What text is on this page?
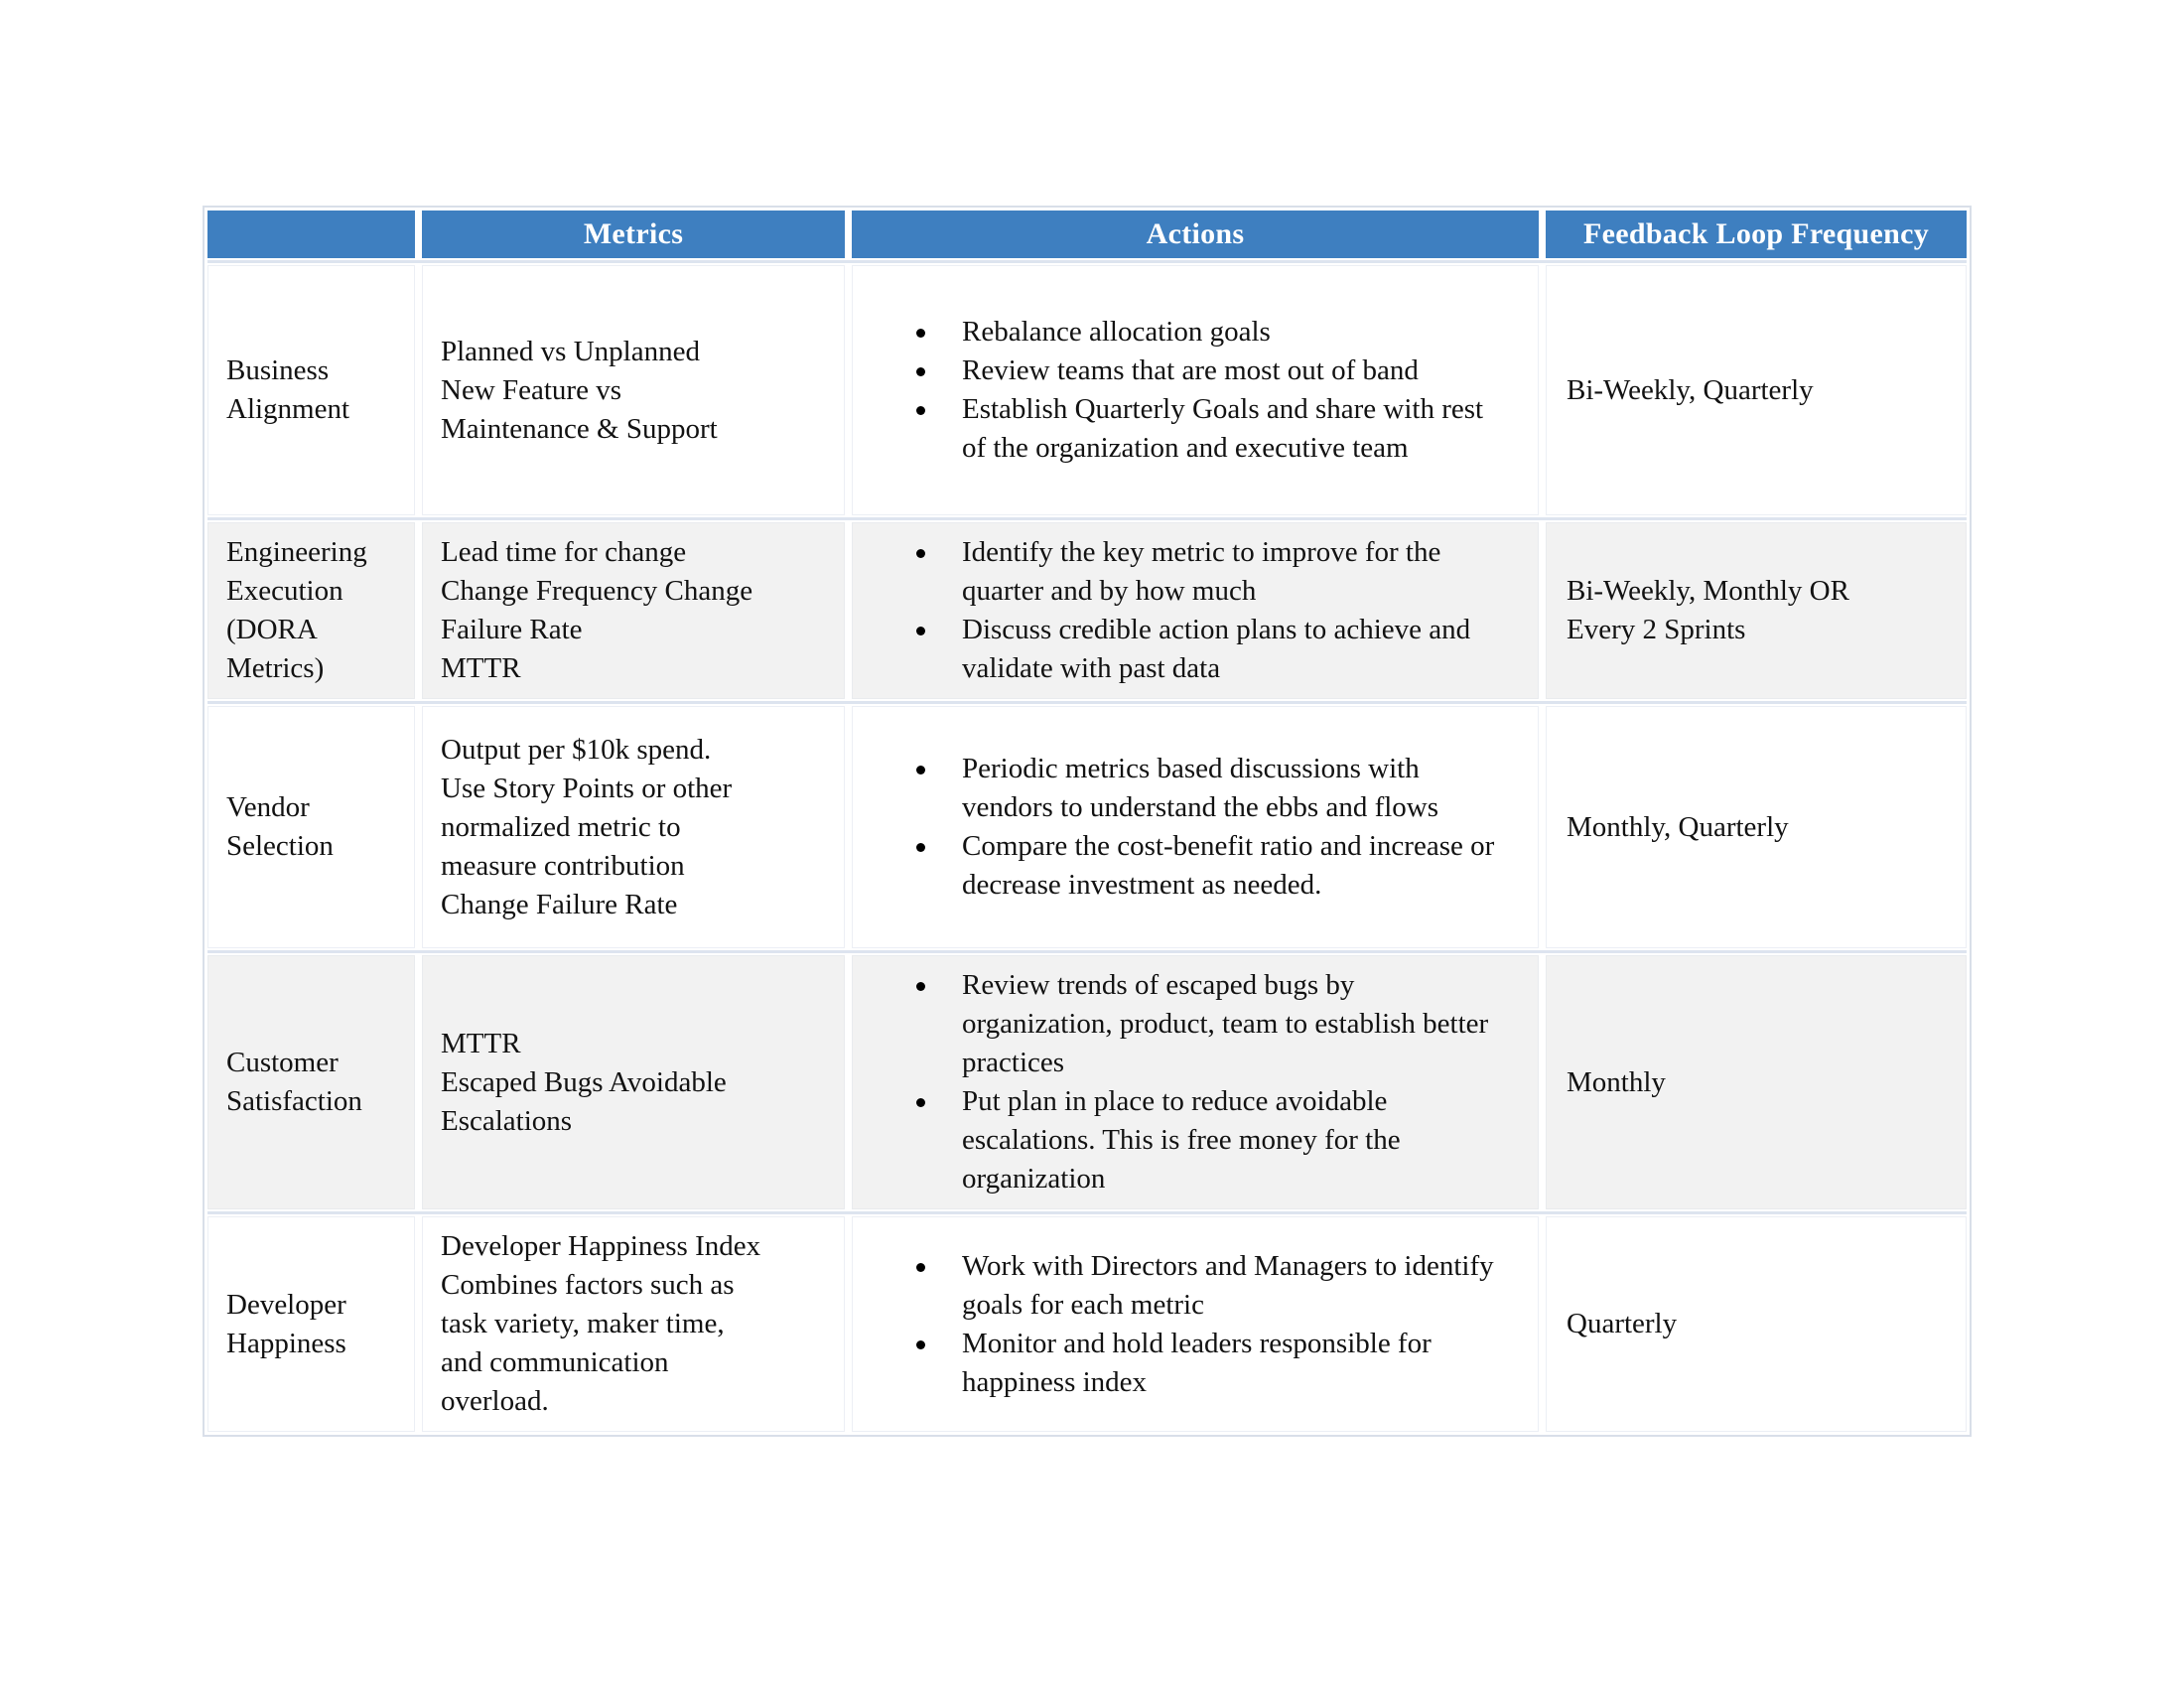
Metrics	Actions	Feedback Loop Frequency
Business Alignment
Planned vs Unplanned
New Feature vs
Maintenance & Support
Rebalance allocation goals
Review teams that are most out of band
Establish Quarterly Goals and share with rest of the organization and executive team
Bi-Weekly, Quarterly
Engineering Execution (DORA Metrics)
Lead time for change
Change Frequency Change
Failure Rate
MTTR
Identify the key metric to improve for the quarter and by how much
Discuss credible action plans to achieve and validate with past data
Bi-Weekly, Monthly OR
Every 2 Sprints
Vendor Selection
Output per $10k spend.
Use Story Points or other
normalized metric to
measure contribution
Change Failure Rate
Periodic metrics based discussions with vendors to understand the ebbs and flows
Compare the cost-benefit ratio and increase or decrease investment as needed.
Monthly, Quarterly
Customer Satisfaction
MTTR
Escaped Bugs Avoidable
Escalations
Review trends of escaped bugs by organization, product, team to establish better practices
Put plan in place to reduce avoidable escalations. This is free money for the organization
Monthly
Developer Happiness
Developer Happiness Index
Combines factors such as
task variety, maker time,
and communication
overload.
Work with Directors and Managers to identify goals for each metric
Monitor and hold leaders responsible for happiness index
Quarterly
